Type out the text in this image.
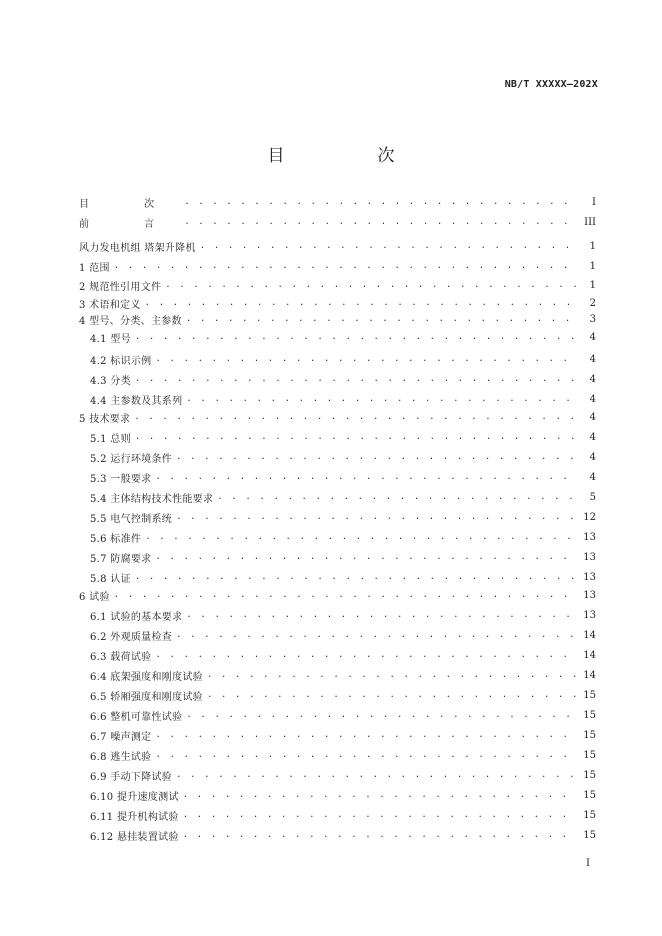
NB/T XXXXX—202X
目　次
目 次 . . .	I
前 言 . . .	III
风力发电机组 塔架升降机 . . .	1
1 范围 . . .	1
2 规范性引用文件 . . .	1
3 术语和定义 . . .	2
4 型号、分类、主参数 . . .	3
4.1 型号 . . .	4
4.2 标识示例 . . .	4
4.3 分类 . . .	4
4.4 主参数及其系列 . . .	4
5 技术要求 . . .	4
5.1 总则 . . .	4
5.2 运行环境条件 . . .	4
5.3 一般要求 . . .	4
5.4 主体结构技术性能要求 . . .	5
5.5 电气控制系统 . . .	12
5.6 标准件 . . .	13
5.7 防腐要求 . . .	13
5.8 认证 . . .	13
6 试验 . . .	13
6.1 试验的基本要求 . . .	13
6.2 外观质量检查 . . .	14
6.3 载荷试验 . . .	14
6.4 底架强度和刚度试验 . . .	14
6.5 轿厢强度和刚度试验 . . .	15
6.6 整机可靠性试验 . . .	15
6.7 噪声测定 . . .	15
6.8 逃生试验 . . .	15
6.9 手动下降试验 . . .	15
6.10 提升速度测试 . . .	15
6.11 提升机构试验 . . .	15
6.12 悬挂装置试验 . . .	15
I
